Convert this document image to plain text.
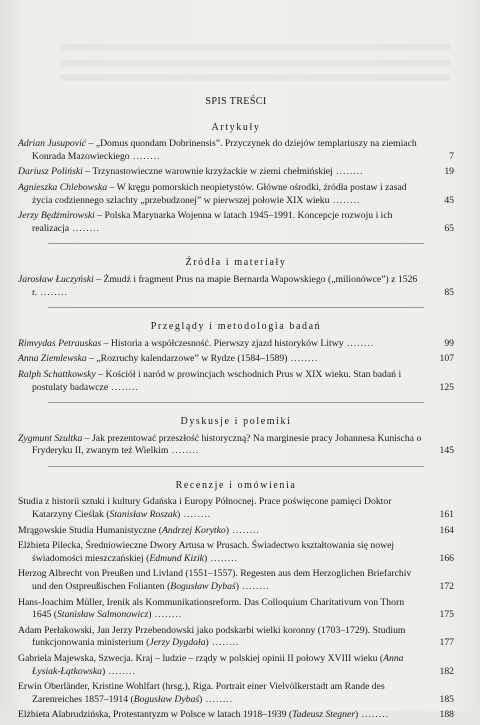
SPIS TREŚCI
Artykuły
Adrian Jusupović – „Domus quondam Dobrinensis”. Przyczynek do dziejów templariuszy na ziemiach Konrada Mazowieckiego ........	7
Dariusz Poliński – Trzynastowieczne warownie krzyżackie w ziemi chełmińskiej ........	19
Agnieszka Chlebowska – W kręgu pomorskich neopietystów. Główne ośrodki, źródła postaw i zasad życia codziennego szlachty „przebudzonej” w pierwszej połowie XIX wieku ........	45
Jerzy Będźmirowski – Polska Marynarka Wojenna w latach 1945–1991. Koncepcje rozwoju i ich realizacja ........	65
Źródła i materiały
Jarosław Łuczyński – Żmudź i fragment Prus na mapie Bernarda Wapowskiego („milionówce”) z 1526 r. ........	85
Przeglądy i metodologia badań
Rimvydas Petrauskas – Historia a współczesność. Pierwszy zjazd historyków Litwy ........	99
Anna Ziemlewska – „Rozruchy kalendarzowe” w Rydze (1584–1589) ........	107
Ralph Schattkowsky – Kościół i naród w prowincjach wschodnich Prus w XIX wieku. Stan badań i postulaty badawcze ........	125
Dyskusje i polemiki
Zygmunt Szultka – Jak prezentować przeszłość historyczną? Na marginesie pracy Johannesa Kunischa o Fryderyku II, zwanym też Wielkim ........	145
Recenzje i omówienia
Studia z historii sztuki i kultury Gdańska i Europy Północnej. Prace poświęcone pamięci Doktor Katarzyny Cieślak (Stanisław Roszak) ........	161
Mrągowskie Studia Humanistyczne (Andrzej Korytko) ........	164
Elżbieta Pilecka, Średniowieczne Dwory Artusa w Prusach. Świadectwo kształtowania się nowej świadomości mieszczańskiej (Edmund Kizik) ........	166
Herzog Albrecht von Preußen und Livland (1551–1557). Regesten aus dem Herzoglichen Briefarchiv und den Ostpreußischen Folianten (Bogusław Dybaś) ........	172
Hans-Joachim Müller, Irenik als Kommunikationsreform. Das Colloquium Charitativum von Thorn 1645 (Stanisław Salmonowicz) ........	175
Adam Perłakowski, Jan Jerzy Przebendowski jako podskarbi wielki koronny (1703–1729). Studium funkcjonowania ministerium (Jerzy Dygdała) ........	177
Gabriela Majewska, Szwecja. Kraj – ludzie – rządy w polskiej opinii II połowy XVIII wieku (Anna Łysiak-Łątkowska) ........	182
Erwin Oberländer, Kristine Wohlfart (hrsg.), Riga. Portrait einer Vielvölkerstadt am Rande des Zarenreiches 1857–1914 (Bogusław Dybaś) ........	185
Elżbieta Alabrudzińska, Protestantyzm w Polsce w latach 1918–1939 (Tadeusz Stegner) ........	188
